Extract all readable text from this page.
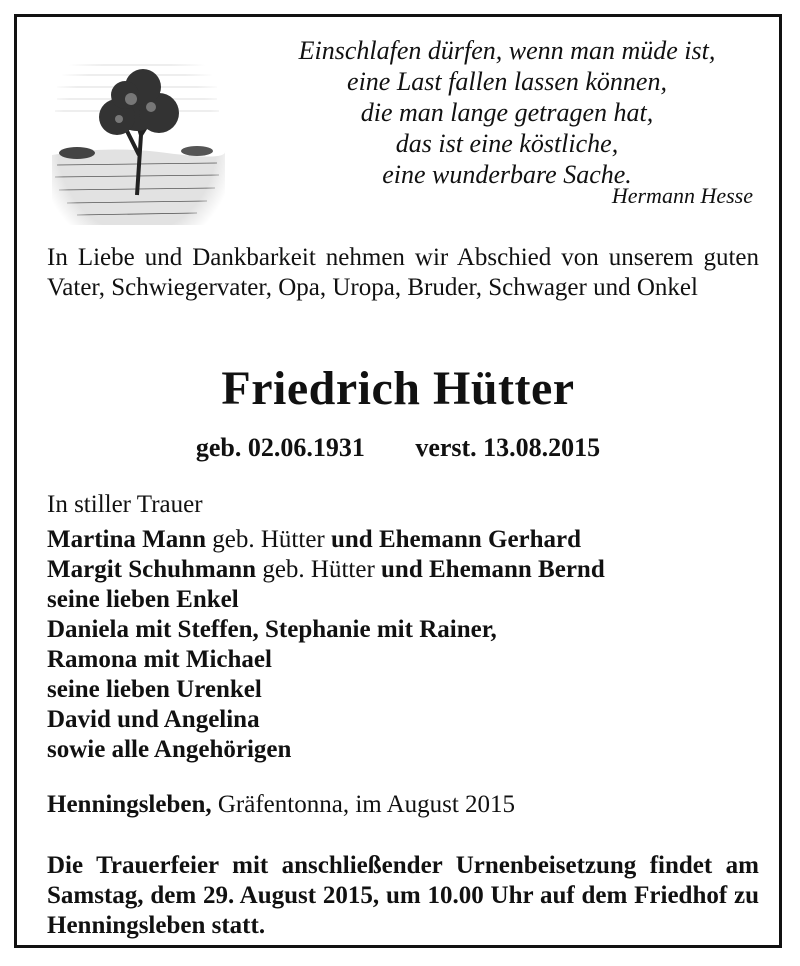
Einschlafen dürfen, wenn man müde ist,
eine Last fallen lassen können,
die man lange getragen hat,
das ist eine köstliche,
eine wunderbare Sache.
Hermann Hesse
In Liebe und Dankbarkeit nehmen wir Abschied von unserem guten Vater, Schwiegervater, Opa, Uropa, Bruder, Schwager und Onkel
Friedrich Hütter
geb. 02.06.1931 verst. 13.08.2015
In stiller Trauer
Martina Mann geb. Hütter und Ehemann Gerhard
Margit Schuhmann geb. Hütter und Ehemann Bernd
seine lieben Enkel
Daniela mit Steffen, Stephanie mit Rainer,
Ramona mit Michael
seine lieben Urenkel
David und Angelina
sowie alle Angehörigen
Henningsleben, Gräfentonna, im August 2015
Die Trauerfeier mit anschließender Urnenbeisetzung findet am Samstag, dem 29. August 2015, um 10.00 Uhr auf dem Friedhof zu Henningsleben statt.
